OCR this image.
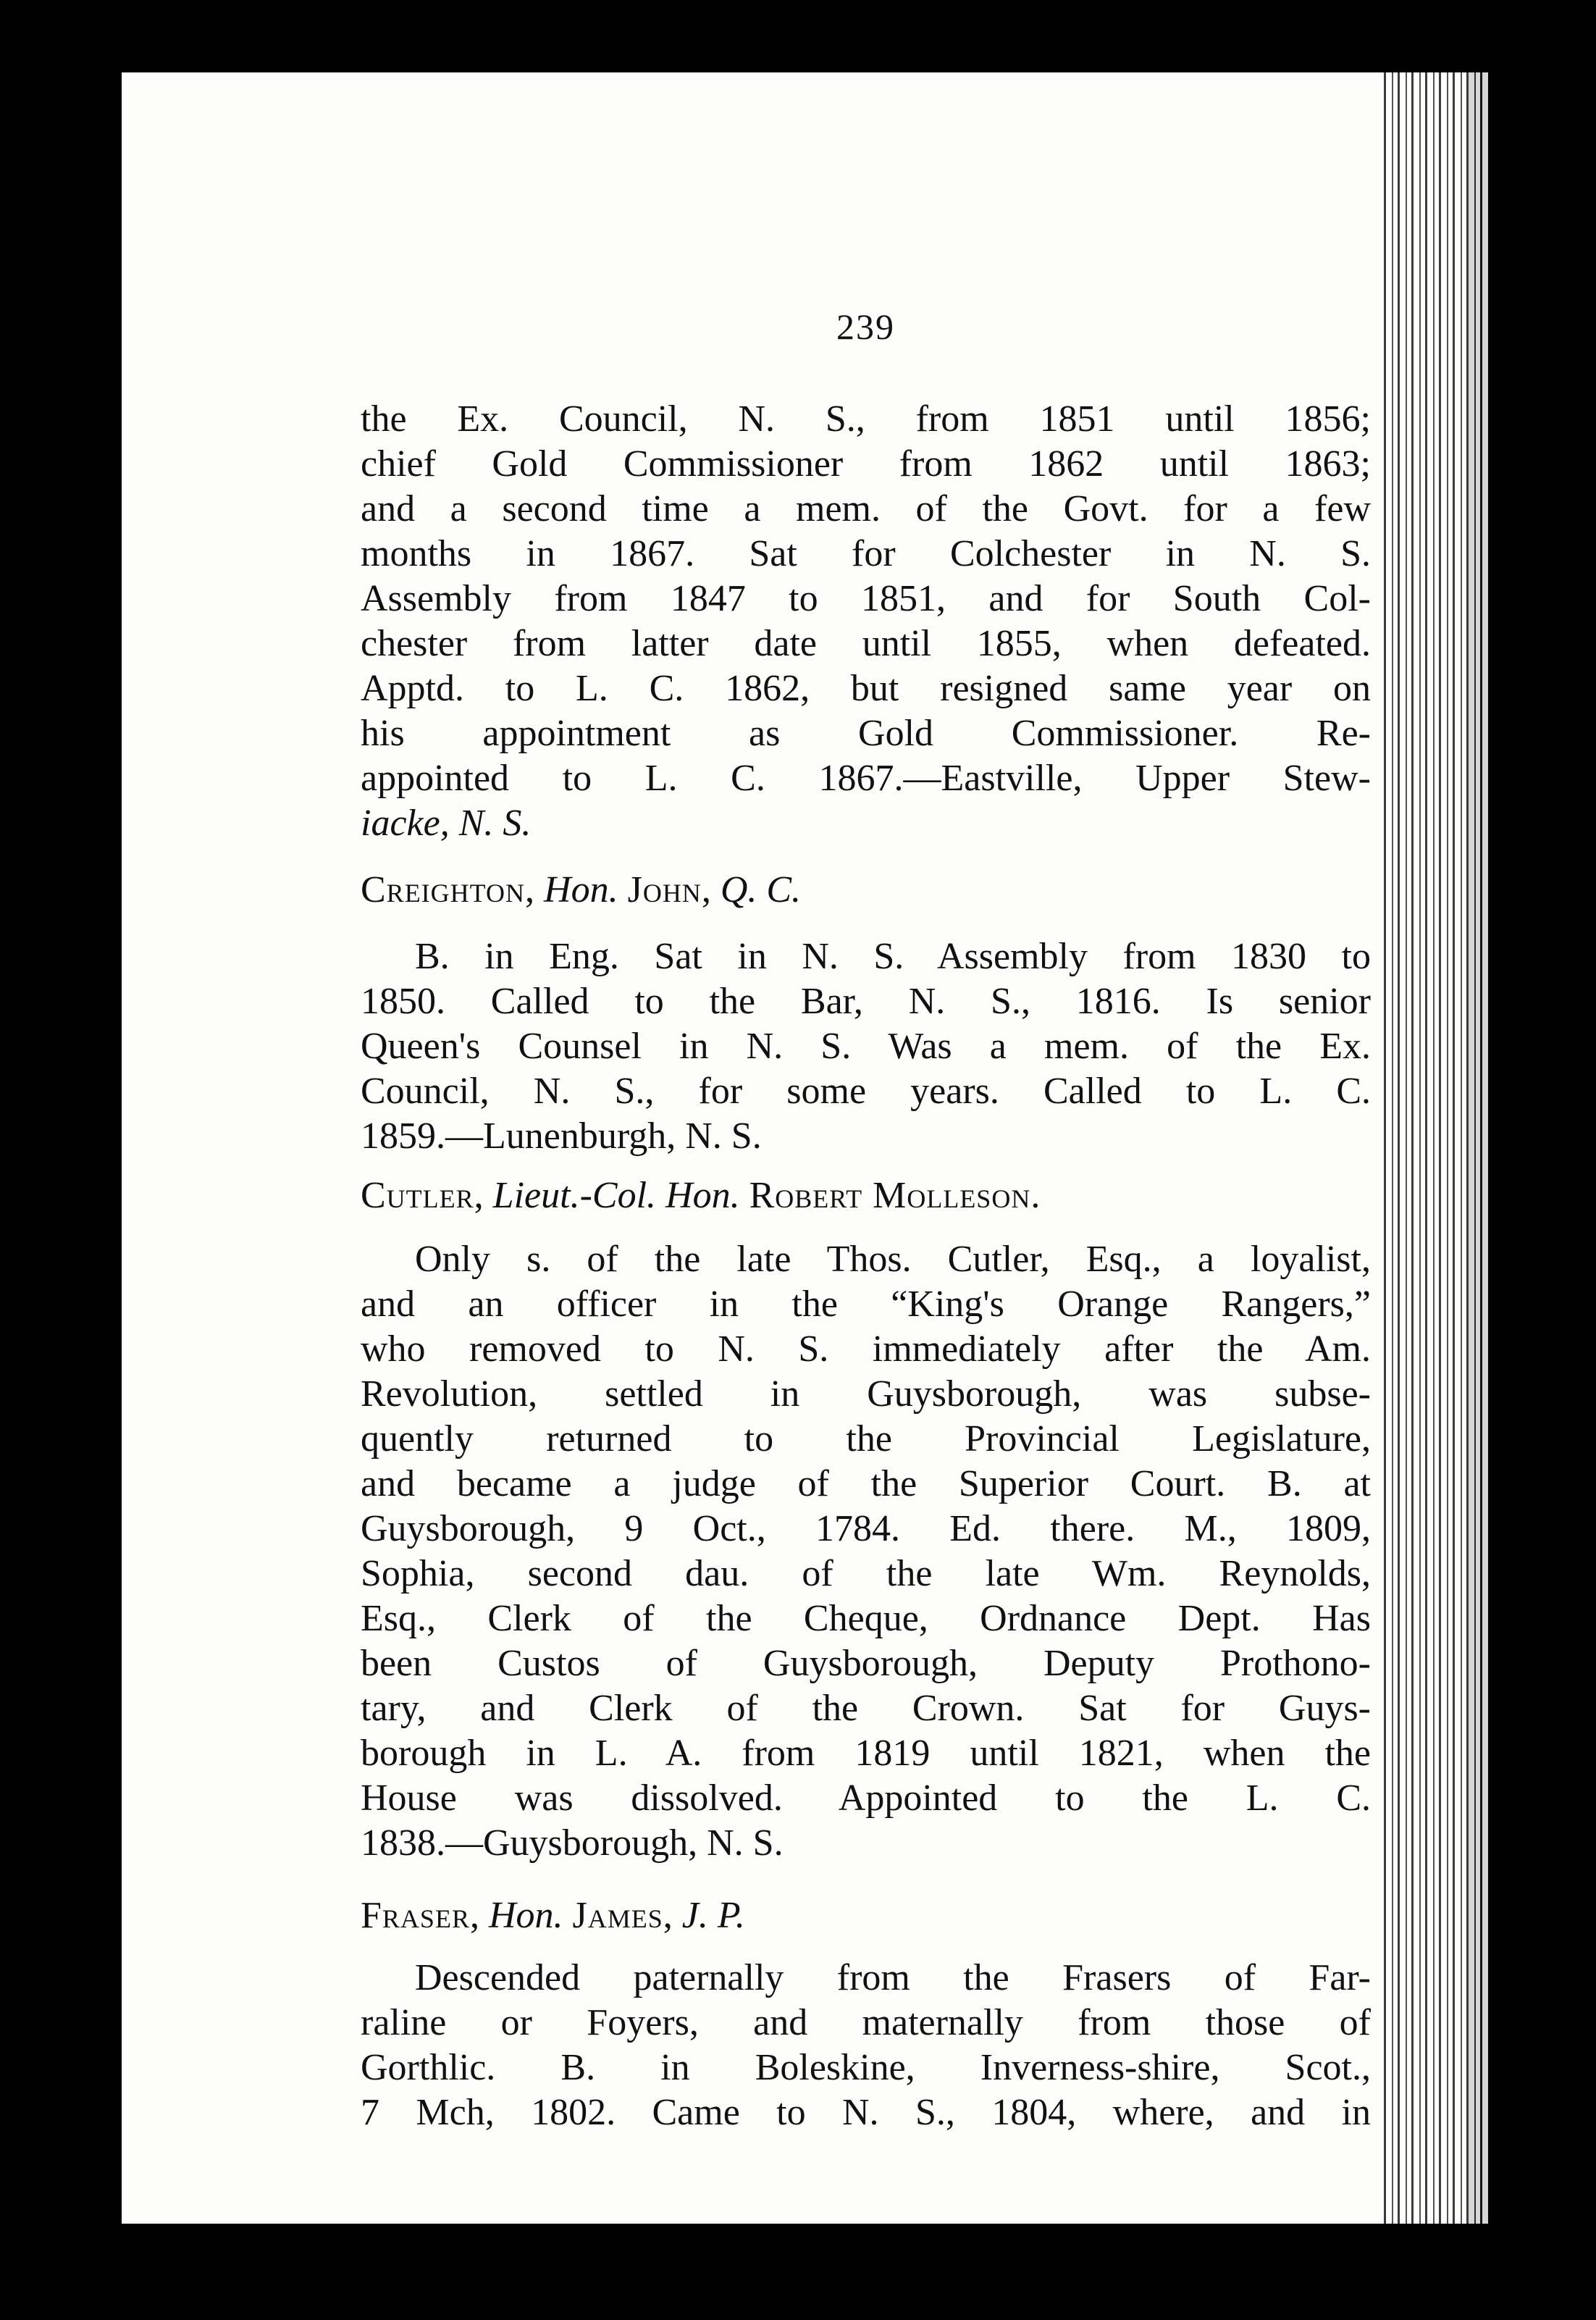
239
the Ex. Council, N. S., from 1851 until 1856;
chief Gold Commissioner from 1862 until 1863;
and a second time a mem. of the Govt. for a few
months in 1867. Sat for Colchester in N. S.
Assembly from 1847 to 1851, and for South Col-
chester from latter date until 1855, when defeated.
Apptd. to L. C. 1862, but resigned same year on
his appointment as Gold Commissioner. Re-
appointed to L. C. 1867.—Eastville, Upper Stew-
iacke, N. S.
Creighton, Hon. John, Q. C.
B. in Eng. Sat in N. S. Assembly from 1830 to
1850. Called to the Bar, N. S., 1816. Is senior
Queen's Counsel in N. S. Was a mem. of the Ex.
Council, N. S., for some years. Called to L. C.
1859.—Lunenburgh, N. S.
Cutler, Lieut.-Col. Hon. Robert Molleson.
Only s. of the late Thos. Cutler, Esq., a loyalist,
and an officer in the “King's Orange Rangers,”
who removed to N. S. immediately after the Am.
Revolution, settled in Guysborough, was subse-
quently returned to the Provincial Legislature,
and became a judge of the Superior Court. B. at
Guysborough, 9 Oct., 1784. Ed. there. M., 1809,
Sophia, second dau. of the late Wm. Reynolds,
Esq., Clerk of the Cheque, Ordnance Dept. Has
been Custos of Guysborough, Deputy Prothono-
tary, and Clerk of the Crown. Sat for Guys-
borough in L. A. from 1819 until 1821, when the
House was dissolved. Appointed to the L. C.
1838.—Guysborough, N. S.
Fraser, Hon. James, J. P.
Descended paternally from the Frasers of Far-
raline or Foyers, and maternally from those of
Gorthlic. B. in Boleskine, Inverness-shire, Scot.,
7 Mch, 1802. Came to N. S., 1804, where, and in
